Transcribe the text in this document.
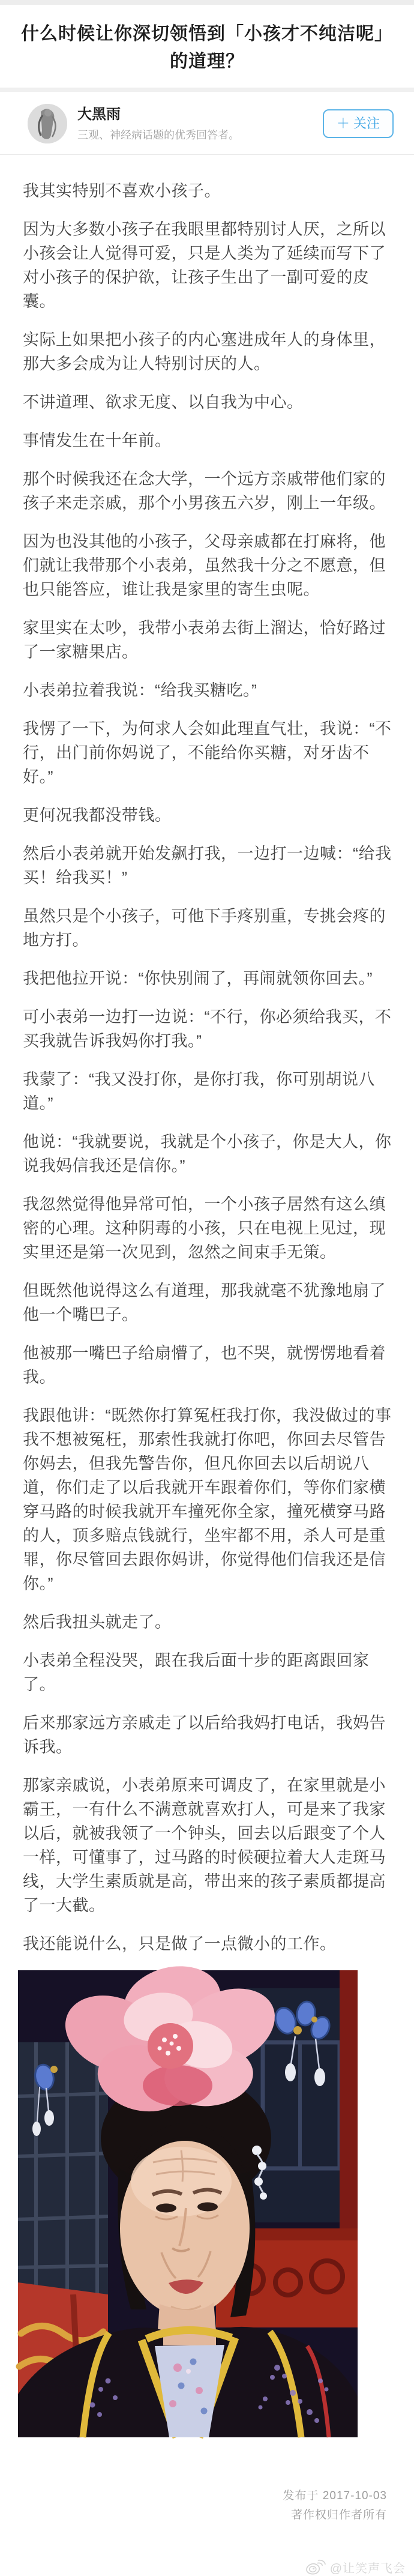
什么时候让你深切领悟到「小孩才不纯洁呢」的道理？
大黑雨
三观、神经病话题的优秀回答者。
＋ 关注

我其实特别不喜欢小孩子。

因为大多数小孩子在我眼里都特别讨人厌，之所以小孩会让人觉得可爱，只是人类为了延续而写下了对小孩子的保护欲，让孩子生出了一副可爱的皮囊。

实际上如果把小孩子的内心塞进成年人的身体里，那大多会成为让人特别讨厌的人。

不讲道理、欲求无度、以自我为中心。

事情发生在十年前。

那个时候我还在念大学，一个远方亲戚带他们家的孩子来走亲戚，那个小男孩五六岁，刚上一年级。

因为也没其他的小孩子，父母亲戚都在打麻将，他们就让我带那个小表弟，虽然我十分之不愿意，但也只能答应，谁让我是家里的寄生虫呢。

家里实在太吵，我带小表弟去街上溜达，恰好路过了一家糖果店。

小表弟拉着我说：“给我买糖吃。”

我愣了一下，为何求人会如此理直气壮，我说：“不行，出门前你妈说了，不能给你买糖，对牙齿不好。”

更何况我都没带钱。

然后小表弟就开始发飙打我，一边打一边喊：“给我买！给我买！”

虽然只是个小孩子，可他下手疼别重，专挑会疼的地方打。

我把他拉开说：“你快别闹了，再闹就领你回去。”

可小表弟一边打一边说：“不行，你必须给我买，不买我就告诉我妈你打我。”

我蒙了：“我又没打你，是你打我，你可别胡说八道。”

他说：“我就要说，我就是个小孩子，你是大人，你说我妈信我还是信你。”

我忽然觉得他异常可怕，一个小孩子居然有这么缜密的心理。这种阴毒的小孩，只在电视上见过，现实里还是第一次见到，忽然之间束手无策。

但既然他说得这么有道理，那我就毫不犹豫地扇了他一个嘴巴子。

他被那一嘴巴子给扇懵了，也不哭，就愣愣地看着我。

我跟他讲：“既然你打算冤枉我打你，我没做过的事我不想被冤枉，那索性我就打你吧，你回去尽管告你妈去，但我先警告你，但凡你回去以后胡说八道，你们走了以后我就开车跟着你们，等你们家横穿马路的时候我就开车撞死你全家，撞死横穿马路的人，顶多赔点钱就行，坐牢都不用，杀人可是重罪，你尽管回去跟你妈讲，你觉得他们信我还是信你。”

然后我扭头就走了。

小表弟全程没哭，跟在我后面十步的距离跟回家了。

后来那家远方亲戚走了以后给我妈打电话，我妈告诉我。

那家亲戚说，小表弟原来可调皮了，在家里就是小霸王，一有什么不满意就喜欢打人，可是来了我家以后，就被我领了一个钟头，回去以后跟变了个人一样，可懂事了，过马路的时候硬拉着大人走斑马线，大学生素质就是高，带出来的孩子素质都提高了一大截。

我还能说什么，只是做了一点微小的工作。

发布于 2017-10-03
著作权归作者所有
@让笑声飞会
